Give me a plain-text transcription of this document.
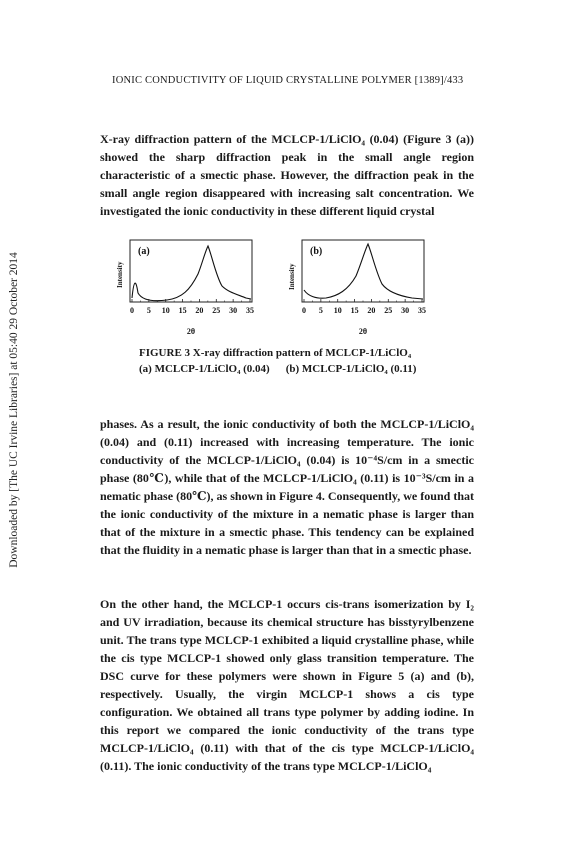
Downloaded by [The UC Irvine Libraries] at 05:40 29 October 2014
IONIC CONDUCTIVITY OF LIQUID CRYSTALLINE POLYMER [1389]/433

X-ray diffraction pattern of the MCLCP-1/LiClO₄ (0.04) (Figure 3 (a)) showed the sharp diffraction peak in the small angle region characteristic of a smectic phase. However, the diffraction peak in the small angle region disappeared with increasing salt concentration. We investigated the ionic conductivity in these different liquid crystal

(a)
Intensity
0 5 10 15 20 25 30 35
2θ
(b)
Intensity
0 5 10 15 20 25 30 35
2θ
FIGURE 3 X-ray diffraction pattern of MCLCP-1/LiClO₄
(a) MCLCP-1/LiClO₄ (0.04) (b) MCLCP-1/LiClO₄ (0.11)

phases. As a result, the ionic conductivity of both the MCLCP-1/LiClO₄ (0.04) and (0.11) increased with increasing temperature. The ionic conductivity of the MCLCP-1/LiClO₄ (0.04) is 10⁻⁴S/cm in a smectic phase (80℃), while that of the MCLCP-1/LiClO₄ (0.11) is 10⁻³S/cm in a nematic phase (80℃), as shown in Figure 4. Consequently, we found that the ionic conductivity of the mixture in a nematic phase is larger than that of the mixture in a smectic phase. This tendency can be explained that the fluidity in a nematic phase is larger than that in a smectic phase.

On the other hand, the MCLCP-1 occurs cis-trans isomerization by I₂ and UV irradiation, because its chemical structure has bisstyrylbenzene unit. The trans type MCLCP-1 exhibited a liquid crystalline phase, while the cis type MCLCP-1 showed only glass transition temperature. The DSC curve for these polymers were shown in Figure 5 (a) and (b), respectively. Usually, the virgin MCLCP-1 shows a cis type configuration. We obtained all trans type polymer by adding iodine. In this report we compared the ionic conductivity of the trans type MCLCP-1/LiClO₄ (0.11) with that of the cis type MCLCP-1/LiClO₄ (0.11). The ionic conductivity of the trans type MCLCP-1/LiClO₄
